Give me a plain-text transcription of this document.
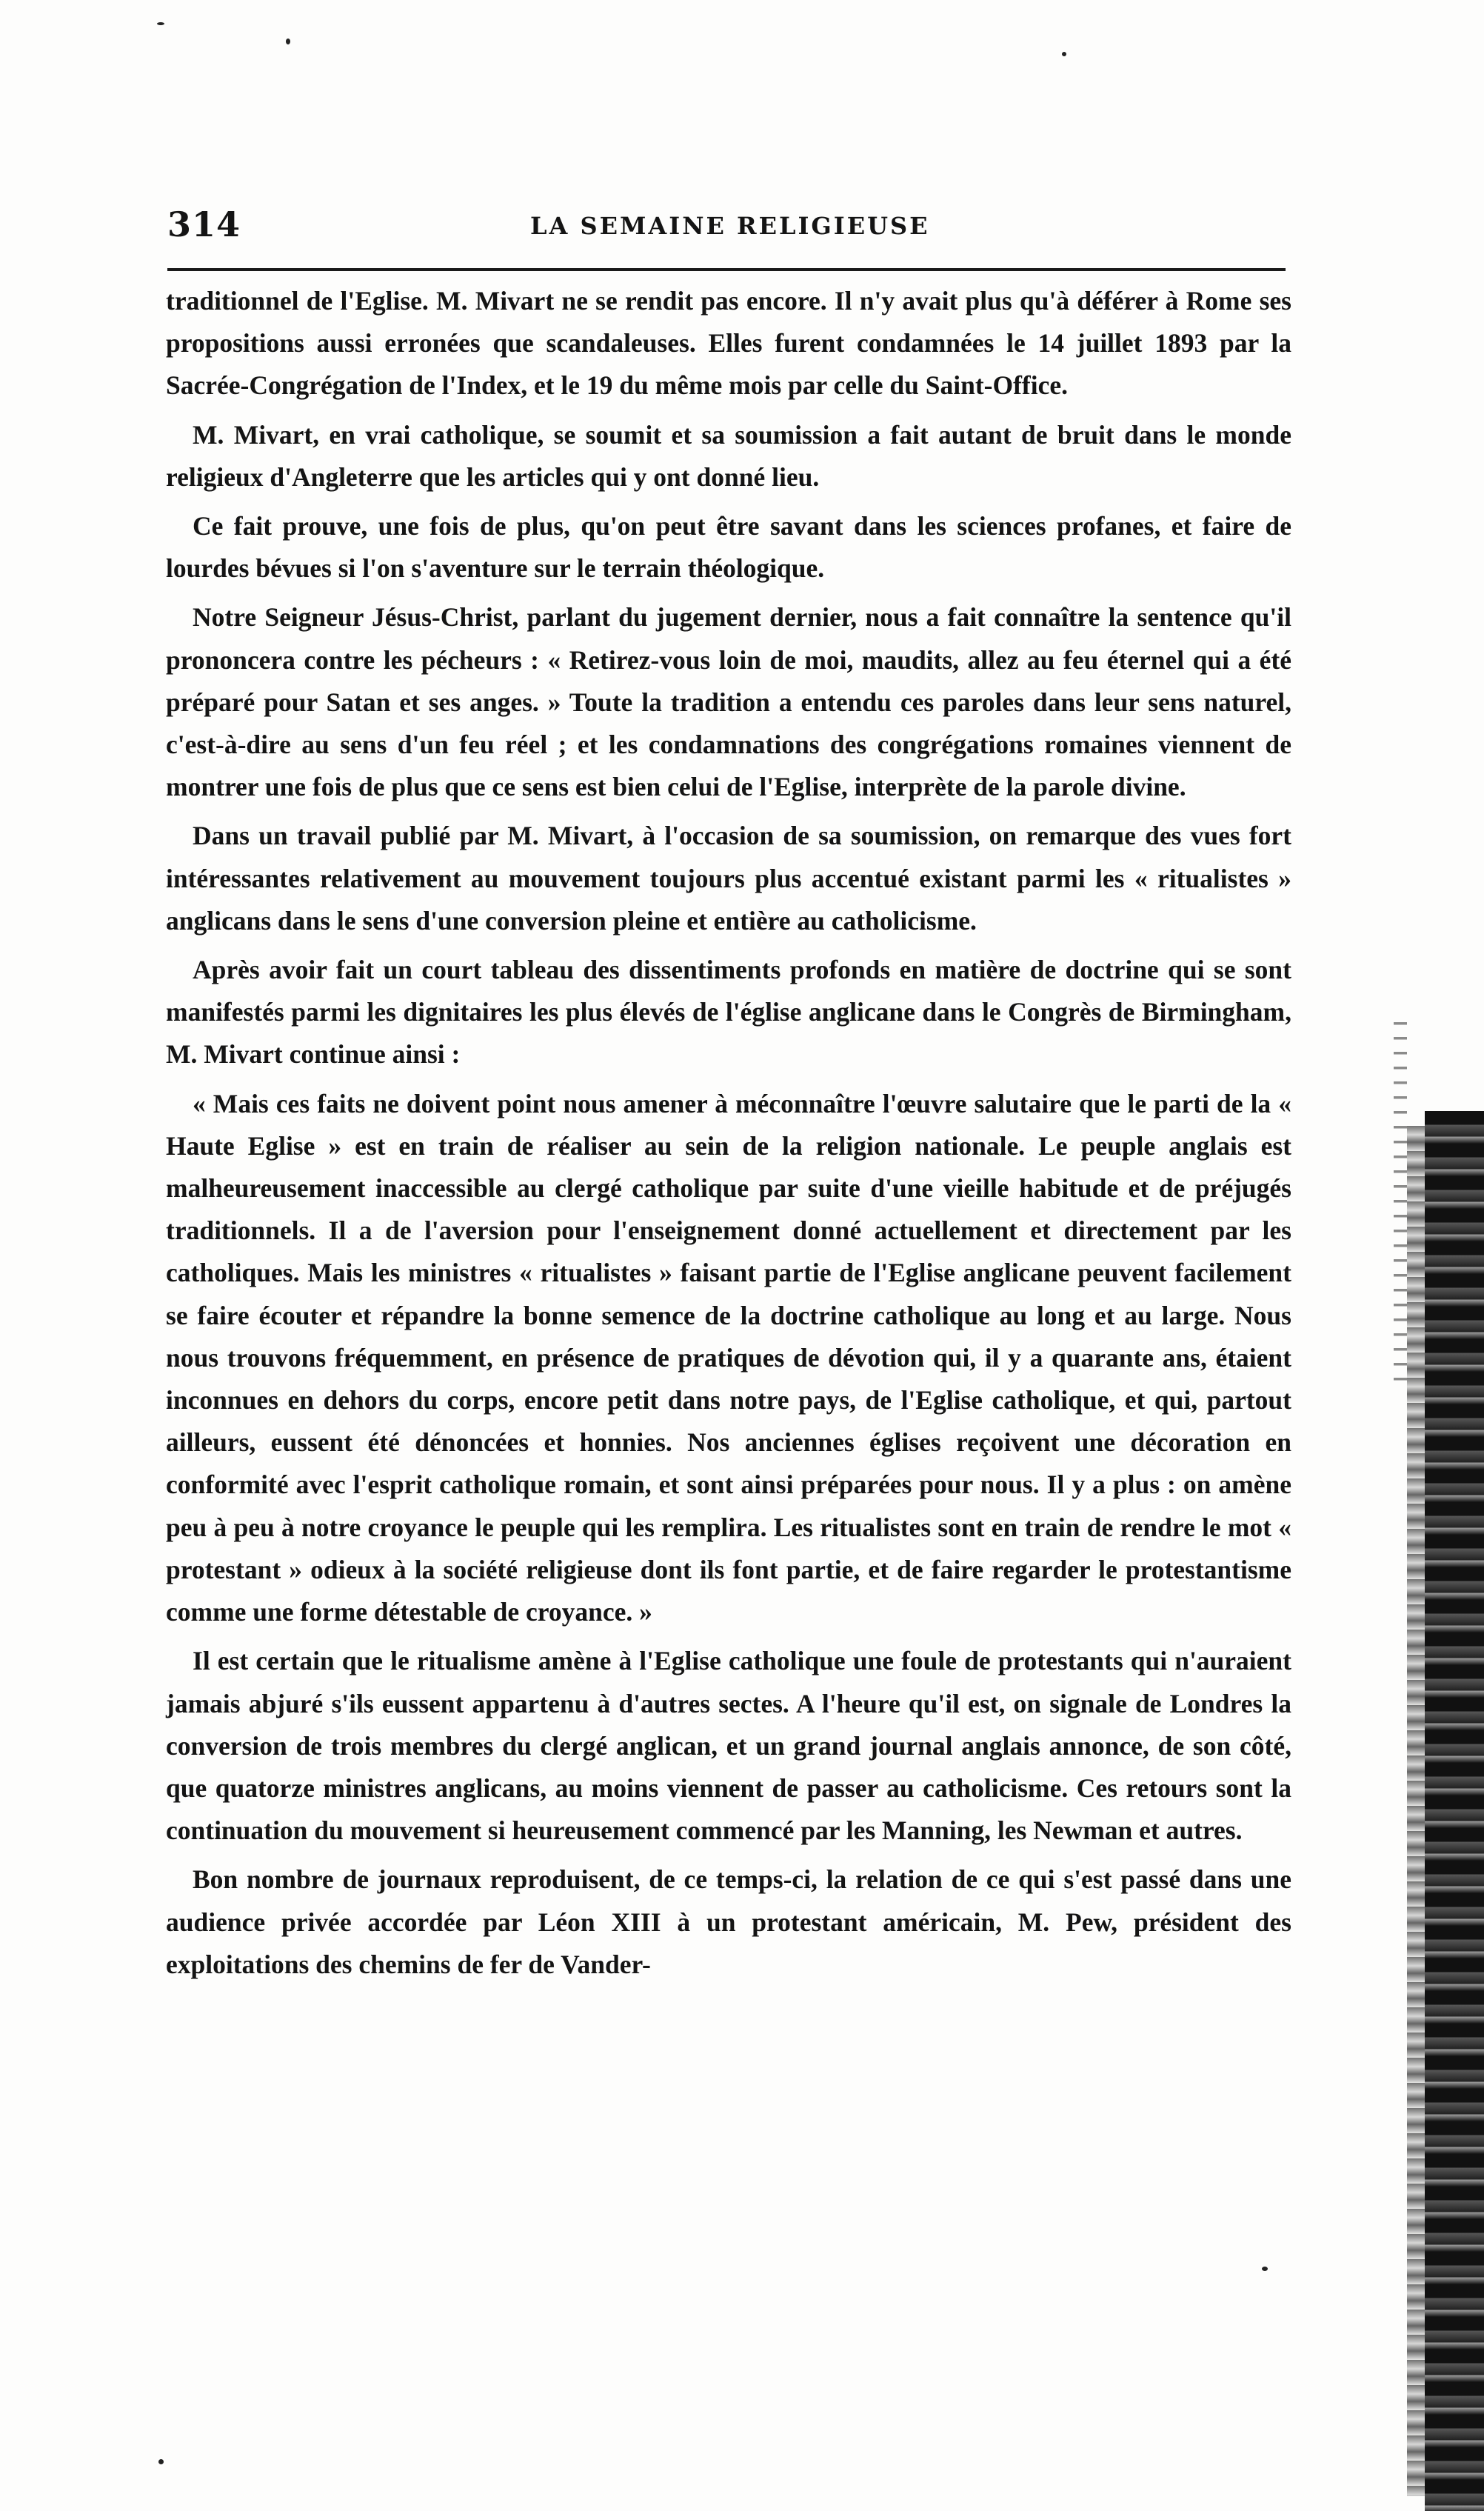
314	LA SEMAINE RELIGIEUSE

traditionnel de l'Eglise. M. Mivart ne se rendit pas encore. Il n'y avait plus qu'à déférer à Rome ses propositions aussi erronées que scandaleuses. Elles furent condamnées le 14 juillet 1893 par la Sacrée-Congrégation de l'Index, et le 19 du même mois par celle du Saint-Office.

M. Mivart, en vrai catholique, se soumit et sa soumission a fait autant de bruit dans le monde religieux d'Angleterre que les articles qui y ont donné lieu.

Ce fait prouve, une fois de plus, qu'on peut être savant dans les sciences profanes, et faire de lourdes bévues si l'on s'aventure sur le terrain théologique.

Notre Seigneur Jésus-Christ, parlant du jugement dernier, nous a fait connaître la sentence qu'il prononcera contre les pécheurs : « Retirez-vous loin de moi, maudits, allez au feu éternel qui a été préparé pour Satan et ses anges. » Toute la tradition a entendu ces paroles dans leur sens naturel, c'est-à-dire au sens d'un feu réel ; et les condamnations des congrégations romaines viennent de montrer une fois de plus que ce sens est bien celui de l'Eglise, interprète de la parole divine.

Dans un travail publié par M. Mivart, à l'occasion de sa soumission, on remarque des vues fort intéressantes relativement au mouvement toujours plus accentué existant parmi les « ritualistes » anglicans dans le sens d'une conversion pleine et entière au catholicisme.

Après avoir fait un court tableau des dissentiments profonds en matière de doctrine qui se sont manifestés parmi les dignitaires les plus élevés de l'église anglicane dans le Congrès de Birmingham, M. Mivart continue ainsi :

« Mais ces faits ne doivent point nous amener à méconnaître l'œuvre salutaire que le parti de la « Haute Eglise » est en train de réaliser au sein de la religion nationale. Le peuple anglais est malheureusement inaccessible au clergé catholique par suite d'une vieille habitude et de préjugés traditionnels. Il a de l'aversion pour l'enseignement donné actuellement et directement par les catholiques. Mais les ministres « ritualistes » faisant partie de l'Eglise anglicane peuvent facilement se faire écouter et répandre la bonne semence de la doctrine catholique au long et au large. Nous nous trouvons fréquemment, en présence de pratiques de dévotion qui, il y a quarante ans, étaient inconnues en dehors du corps, encore petit dans notre pays, de l'Eglise catholique, et qui, partout ailleurs, eussent été dénoncées et honnies. Nos anciennes églises reçoivent une décoration en conformité avec l'esprit catholique romain, et sont ainsi préparées pour nous. Il y a plus : on amène peu à peu à notre croyance le peuple qui les remplira. Les ritualistes sont en train de rendre le mot « protestant » odieux à la société religieuse dont ils font partie, et de faire regarder le protestantisme comme une forme détestable de croyance. »

Il est certain que le ritualisme amène à l'Eglise catholique une foule de protestants qui n'auraient jamais abjuré s'ils eussent appartenu à d'autres sectes. A l'heure qu'il est, on signale de Londres la conversion de trois membres du clergé anglican, et un grand journal anglais annonce, de son côté, que quatorze ministres anglicans, au moins viennent de passer au catholicisme. Ces retours sont la continuation du mouvement si heureusement commencé par les Manning, les Newman et autres.

Bon nombre de journaux reproduisent, de ce temps-ci, la relation de ce qui s'est passé dans une audience privée accordée par Léon XIII à un protestant américain, M. Pew, président des exploitations des chemins de fer de Vander-
